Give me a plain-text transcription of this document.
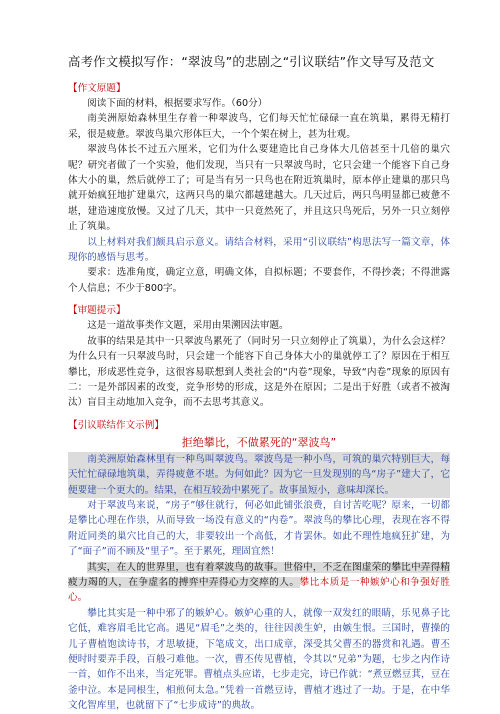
高考作文模拟写作：“翠波鸟”的悲剧之“引议联结”作文导写及范文
【作文原题】

阅读下面的材料，根据要求写作。（60分）

南美洲原始森林里生存着一种翠波鸟，它们每天忙忙碌碌一直在筑巢，累得无精打采，很是疲惫。翠波鸟巢穴形体巨大，一个个架在树上，甚为壮观。

翠波鸟体长不过五六厘米，它们为什么要建造比自己身体大几倍甚至十几倍的巢穴呢？研究者做了一个实验，他们发现，当只有一只翠波鸟时，它只会建一个能容下自己身体大小的巢，然后就停工了；可是当有另一只鸟也在附近筑巢时，原本停止建巢的那只鸟就开始疯狂地扩建巢穴，这两只鸟的巢穴都越建越大。几天过后，两只鸟明显都已疲惫不堪，建造速度放慢。又过了几天，其中一只竟然死了，并且这只鸟死后，另外一只立刻停止了筑巢。

以上材料对我们颇具启示意义。请结合材料，采用“引议联结”构思法写一篇文章，体现你的感悟与思考。

要求：选准角度，确定立意，明确文体，自拟标题；不要套作，不得抄袭；不得泄露个人信息；不少于800字。

【审题提示】

这是一道故事类作文题，采用由果溯因法审题。

故事的结果是其中一只翠波鸟累死了（同时另一只立刻停止了筑巢），为什么会这样？为什么只有一只翠波鸟时，只会建一个能容下自己身体大小的巢就停工了？原因在于相互攀比，形成恶性竞争，这很容易联想到人类社会的“内卷”现象，导致“内卷”现象的原因有二：一是外部因素的改变，竞争形势的形成，这是外在原因；二是出于好胜（或者不被淘汰）盲目主动地加入竞争，而不去思考其意义。

【引议联结作文示例】
拒绝攀比，不做累死的“翠波鸟”

南美洲原始森林里有一种鸟叫翠波鸟。翠波鸟是一种小鸟，可筑的巢穴特别巨大，每天忙忙碌碌地筑巢，弄得疲惫不堪。为何如此？因为它一旦发现别的鸟“房子”建大了，它便要建一个更大的。结果，在相互较劲中累死了。故事虽短小，意味却深长。

对于翠波鸟来说，“房子”够住就行，何必如此铺张浪费，自讨苦吃呢？原来，一切都是攀比心理在作祟，从而导致一场没有意义的“内卷”。翠波鸟的攀比心理，表现在容不得附近同类的巢穴比自己的大，非要较出一个高低，才肯罢休。如此不理性地疯狂扩建，为了“面子”而不顾及“里子”。至于累死，理固宜然！

其实，在人的世界里，也有着翠波鸟的故事。世俗中，不乏在图虚荣的攀比中弄得精疲力竭的人，在争虚名的搏弈中弄得心力交瘁的人。攀比本质是一种嫉妒心和争强好胜心。

攀比其实是一种中邪了的嫉妒心。嫉妒心重的人，就像一双发红的眼睛，乐见鼻子比它低，难容眉毛比它高。遇见“眉毛”之类的，往往因羡生妒，由嫉生恨。三国时，曹操的儿子曹植饱读诗书，才思敏捷，下笔成文，出口成章，深受其父曹丕的器赏和礼遇。曹丕便时时要弄手段，百般刁难他。一次，曹丕传见曹植，令其以“兄弟”为题，七步之内作诗一首，如作不出来，当定死罪。曹植点头应诺，七步走完，诗已作就：“煮豆燃豆萁，豆在釜中泣。本是同根生，相煎何太急。”凭着一首燃豆诗，曹植才逃过了一劫。于是，在中华文化智库里，也就留下了“七步成诗”的典故。
